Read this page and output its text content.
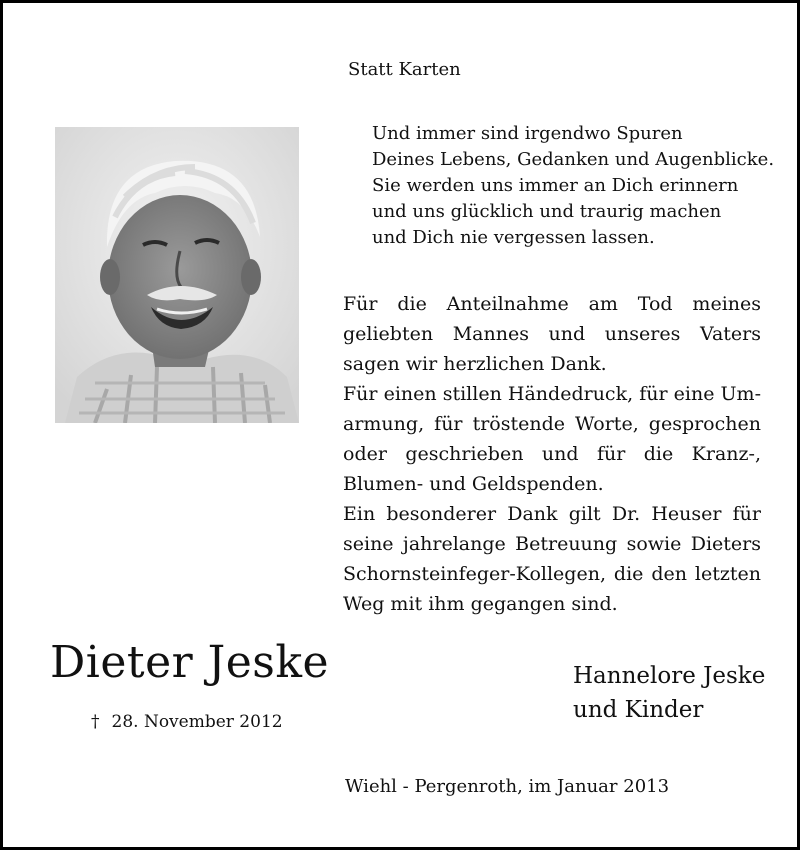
Statt Karten
Und immer sind irgendwo Spuren
Deines Lebens, Gedanken und Augenblicke.
Sie werden uns immer an Dich erinnern
und uns glücklich und traurig machen
und Dich nie vergessen lassen.

Für die Anteilnahme am Tod meines geliebten Mannes und unseres Vaters sagen wir herzlichen Dank.

Für einen stillen Händedruck, für eine Umarmung, für tröstende Worte, gesprochen oder geschrieben und für die Kranz-, Blumen- und Geldspenden.

Ein besonderer Dank gilt Dr. Heuser für seine jahrelange Betreuung sowie Dieters Schornsteinfeger-Kollegen, die den letzten Weg mit ihm gegangen sind.

Dieter Jeske
† 28. November 2012
Hannelore Jeske
und Kinder
Wiehl - Pergenroth, im Januar 2013
